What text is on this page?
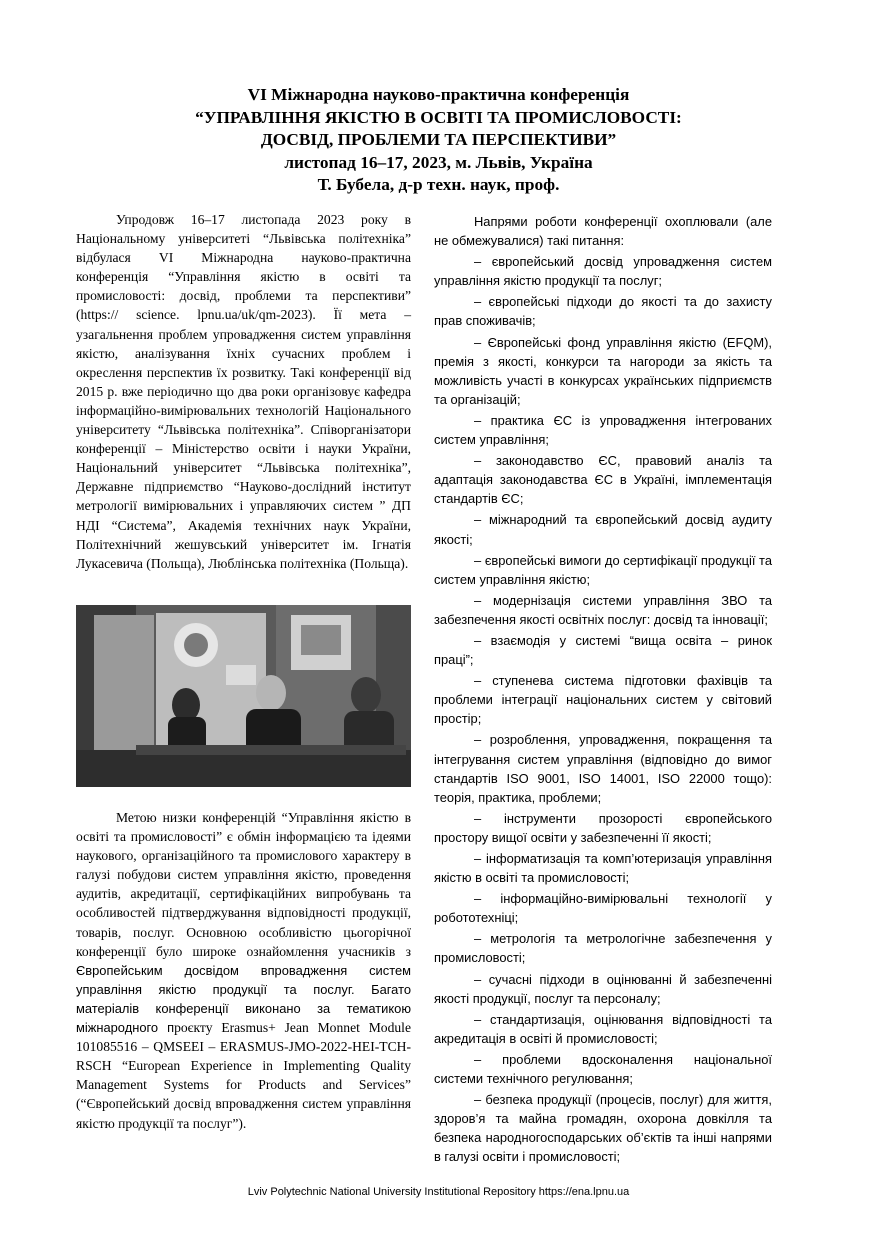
VI Міжнародна науково-практична конференція
“УПРАВЛІННЯ ЯКІСТЮ В ОСВІТІ ТА ПРОМИСЛОВОСТІ:
ДОСВІД, ПРОБЛЕМИ ТА ПЕРСПЕКТИВИ”
листопад 16–17, 2023, м. Львів, Україна
Т. Бубела, д-р техн. наук, проф.

Упродовж 16–17 листопада 2023 року в Національному університеті “Львівська політехніка” відбулася VI Міжнародна науково-практична конференція “Управління якістю в освіті та промисловості: досвід, проблеми та перспективи” (https:// science. lpnu.ua/uk/qm-2023). Її мета – узагальнення проблем упровадження систем управління якістю, аналізування їхніх сучасних проблем і окреслення перспектив їх розвитку. Такі конференції від 2015 р. вже періодично що два роки організовує кафедра інформаційно-вимірювальних технологій Національного університету “Львівська політехніка”. Співорганізатори конференції – Міністерство освіти і науки України, Національний університет “Львівська політехніка”, Державне підприємство “Науково-дослідний інститут метрології вимірювальних і управляючих систем ” ДП НДІ “Система”, Академія технічних наук України, Політехнічний жешувський університет ім. Ігнатія Лукасевича (Польща), Люблінська політехніка (Польща).

Метою низки конференцій “Управління якістю в освіті та промисловості” є обмін інформацією та ідеями наукового, організаційного та промислового характеру в галузі побудови систем управління якістю, проведення аудитів, акредитації, сертифікаційних випробувань та особливостей підтверджування відповідності продукції, товарів, послуг. Основною особливістю цьогорічної конференції було широке ознайомлення учасників з Європейським досвідом впровадження систем управління якістю продукції та послуг. Багато матеріалів конференції виконано за тематикою міжнародного проєкту Erasmus+ Jean Monnet Module 101085516 – QMSEEI – ERASMUS-JMO-2022-HEI-TCH-RSCH “European Experience in Implementing Quality Management Systems for Products and Services” (“Європейський досвід впровадження систем управління якістю продукції та послуг”).

Напрями роботи конференції охоплювали (але не обмежувалися) такі питання:

– європейський досвід упровадження систем управління якістю продукції та послуг;

– європейські підходи до якості та до захисту прав споживачів;

– Європейські фонд управління якістю (EFQM), премія з якості, конкурси та нагороди за якість та можливість участі в конкурсах українських підприємств та організацій;

– практика ЄС із упровадження інтегрованих систем управління;

– законодавство ЄС, правовий аналіз та адаптація законодавства ЄС в Україні, імплементація стандартів ЄС;

– міжнародний та європейський досвід аудиту якості;

– європейські вимоги до сертифікації продукції та систем управління якістю;

– модернізація системи управління ЗВО та забезпечення якості освітніх послуг: досвід та інновації;

– взаємодія у системі “вища освіта – ринок праці”;

– ступенева система підготовки фахівців та проблеми інтеграції національних систем у світовий простір;

– розроблення, упровадження, покращення та інтегрування систем управління (відповідно до вимог стандартів ISO 9001, ISO 14001, ISO 22000 тощо): теорія, практика, проблеми;

– інструменти прозорості європейського простору вищої освіти у забезпеченні її якості;

– інформатизація та комп’ютеризація управління якістю в освіті та промисловості;

– інформаційно-вимірювальні технології у робототехніці;

– метрологія та метрологічне забезпечення у промисловості;

– сучасні підходи в оцінюванні й забезпеченні якості продукції, послуг та персоналу;

– стандартизація, оцінювання відповідності та акредитація в освіті й промисловості;

– проблеми вдосконалення національної системи технічного регулювання;

– безпека продукції (процесів, послуг) для життя, здоров’я та майна громадян, охорона довкілля та безпека народногосподарських об’єктів та інші напрями в галузі освіти і промисловості;

Lviv Polytechnic National University Institutional Repository https://ena.lpnu.ua
